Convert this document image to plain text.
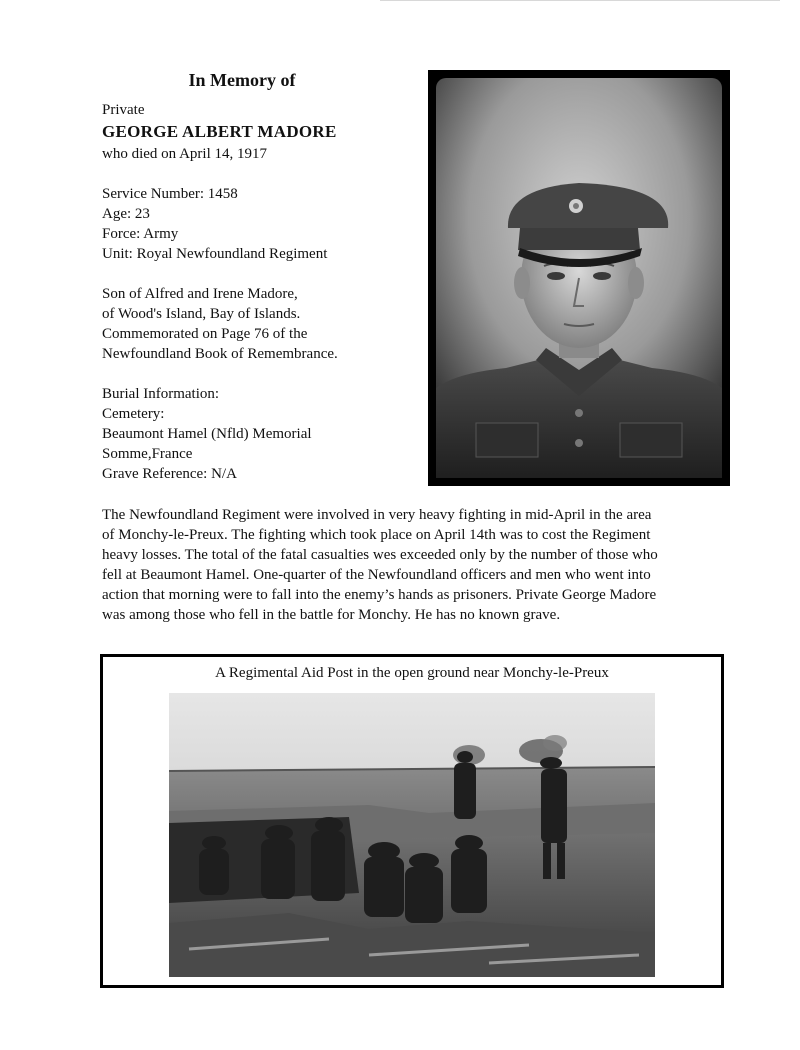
In Memory of
Private
GEORGE ALBERT MADORE
who died on April 14, 1917
Service Number: 1458
Age: 23
Force: Army
Unit: Royal Newfoundland Regiment
Son of Alfred and Irene Madore,
of Wood's Island, Bay of Islands.
Commemorated on Page 76 of the
Newfoundland Book of Remembrance.
Burial Information:
Cemetery:
Beaumont Hamel (Nfld) Memorial
Somme,France
Grave Reference: N/A
The Newfoundland Regiment were involved in very heavy fighting in mid-April in the area
of Monchy-le-Preux. The fighting which took place on April 14th was to cost the Regiment
heavy losses. The total of the fatal casualties wes exceeded only by the number of those who
fell at Beaumont Hamel. One-quarter of the Newfoundland officers and men who went into
action that morning were to fall into the enemy’s hands as prisoners. Private George Madore
was among those who fell in the battle for Monchy. He has no known grave.
A Regimental Aid Post in the open ground near Monchy-le-Preux
